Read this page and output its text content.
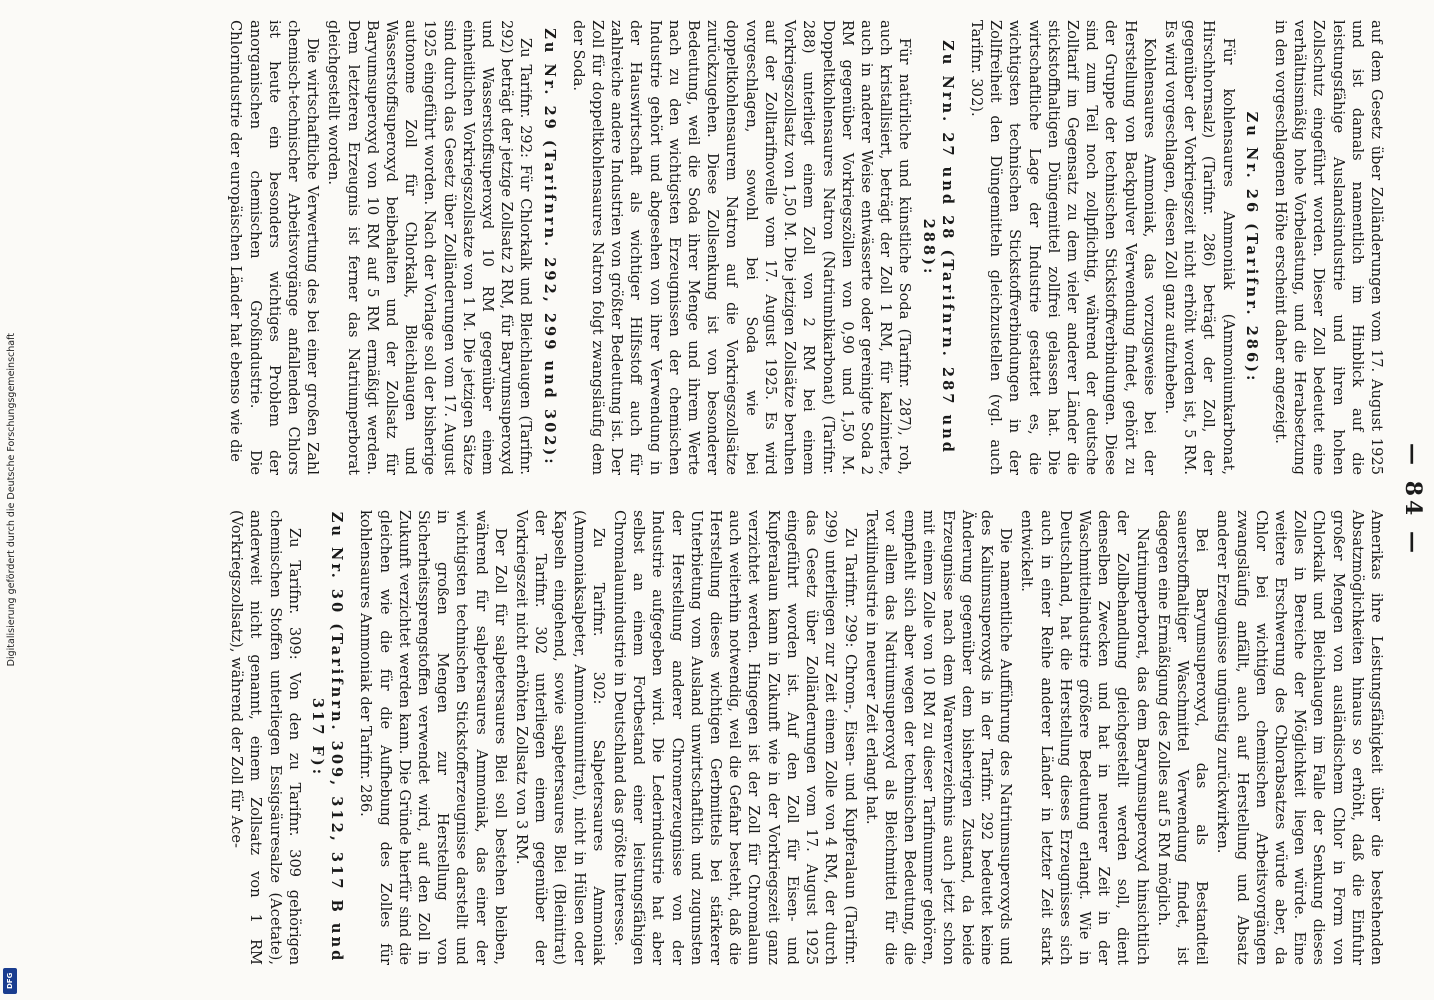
Digitalisierung gefördert durch die Deutsche Forschungsgemeinschaft
DFG
— 84 —

auf dem Gesetz über Zolländerungen vom 17. August 1925 und ist damals namentlich im Hinblick auf die leistungsfähige Auslandsindustrie und ihren hohen Zollschutz eingeführt worden. Dieser Zoll bedeutet eine verhältnismäßig hohe Vorbelastung, und die Herabsetzung in den vorgeschlagenen Höhe erscheint daher angezeigt.

Zu Nr. 26 (Tarifnr. 286):

Für kohlensaures Ammoniak (Ammoniumkarbonat, Hirschhornsalz) (Tarifnr. 286) beträgt der Zoll, der gegenüber der Vorkriegszeit nicht erhöht worden ist, 5 RM. Es wird vorgeschlagen, diesen Zoll ganz aufzuheben.

Kohlensaures Ammoniak, das vorzugsweise bei der Herstellung von Backpulver Verwendung findet, gehört zu der Gruppe der technischen Stickstoffverbindungen. Diese sind zum Teil noch zollpflichtig, während der deutsche Zolltarif im Gegensatz zu dem vieler anderer Länder die stickstoffhaltigen Düngemittel zollfrei gelassen hat. Die wirtschaftliche Lage der Industrie gestattet es, die wichtigsten technischen Stickstoffverbindungen in der Zollfreiheit den Düngemitteln gleichzustellen (vgl. auch Tarifnr. 302).

Zu Nrn. 27 und 28 (Tarifnrn. 287 und 288):

Für natürliche und künstliche Soda (Tarifnr. 287), roh, auch kristallisiert, beträgt der Zoll 1 RM, für kalzinierte, auch in anderer Weise entwässerte oder gereinigte Soda 2 RM gegenüber Vorkriegszöllen von 0,90 und 1,50 M. Doppeltkohlensaures Natron (Natriumbikarbonat) (Tarifnr. 288) unterliegt einem Zoll von 2 RM bei einem Vorkriegszollsatz von 1,50 M. Die jetzigen Zollsätze beruhen auf der Zolltarifnovelle vom 17. August 1925. Es wird vorgeschlagen, sowohl bei Soda wie bei doppeltkohlensaurem Natron auf die Vorkriegszollsätze zurückzugehen. Diese Zollsenkung ist von besonderer Bedeutung, weil die Soda ihrer Menge und ihrem Werte nach zu den wichtigsten Erzeugnissen der chemischen Industrie gehört und abgesehen von ihrer Verwendung in der Hauswirtschaft als wichtiger Hilfsstoff auch für zahlreiche andere Industrien von größter Bedeutung ist. Der Zoll für doppeltkohlensaures Natron folgt zwangsläufig dem der Soda.

Zu Nr. 29 (Tarifnrn. 292, 299 und 302):

Zu Tarifnr. 292: Für Chlorkalk und Bleichlaugen (Tarifnr. 292) beträgt der jetzige Zollsatz 2 RM, für Baryumsuperoxyd und Wasserstoffsuperoxyd 10 RM gegenüber einem einheitlichen Vorkriegszollsatze von 1 M. Die jetzigen Sätze sind durch das Gesetz über Zolländerungen vom 17. August 1925 eingeführt worden. Nach der Vorlage soll der bisherige autonome Zoll für Chlorkalk, Bleichlaugen und Wasserstoffsuperoxyd beibehalten und der Zollsatz für Baryumsuperoxyd von 10 RM auf 5 RM ermäßigt werden. Dem letzteren Erzeugnis ist ferner das Natriumperborat gleichgestellt worden.

Die wirtschaftliche Verwertung des bei einer großen Zahl chemisch-technischer Arbeitsvorgänge anfallenden Chlors ist heute ein besonders wichtiges Problem der anorganischen chemischen Großindustrie. Die Chlorindustrie der europäischen Länder hat ebenso wie die

Amerikas ihre Leistungsfähigkeit über die bestehenden Absatzmöglichkeiten hinaus so erhöht, daß die Einfuhr großer Mengen von ausländischem Chlor in Form von Chlorkalk und Bleichlaugen im Falle der Senkung dieses Zolles in Bereiche der Möglichkeit liegen würde. Eine weitere Erschwerung des Chlorabsatzes würde aber, da Chlor bei wichtigen chemischen Arbeitsvorgängen zwangsläufig anfällt, auch auf Herstellung und Absatz anderer Erzeugnisse ungünstig zurückwirken.

Bei Baryumsuperoxyd, das als Bestandteil sauerstoffhaltiger Waschmittel Verwendung findet, ist dagegen eine Ermäßigung des Zolles auf 5 RM möglich.

Natriumperborat, das dem Baryumsuperoxyd hinsichtlich der Zollbehandlung gleichgestellt werden soll, dient denselben Zwecken und hat in neuerer Zeit in der Waschmittelindustrie größere Bedeutung erlangt. Wie in Deutschland, hat die Herstellung dieses Erzeugnisses sich auch in einer Reihe anderer Länder in letzter Zeit stark entwickelt.

Die namentliche Aufführung des Natriumsuperoxyds und des Kaliumsuperoxyds in der Tarifnr. 292 bedeutet keine Änderung gegenüber dem bisherigen Zustand, da beide Erzeugnisse nach dem Warenverzeichnis auch jetzt schon mit einem Zolle von 10 RM zu dieser Tarifnummer gehören, empfiehlt sich aber wegen der technischen Bedeutung, die vor allem das Natriumsuperoxyd als Bleichmittel für die Textilindustrie in neuerer Zeit erlangt hat.

Zu Tarifnr. 299: Chrom-, Eisen- und Kupferalaun (Tarifnr. 299) unterliegen zur Zeit einem Zolle von 4 RM, der durch das Gesetz über Zolländerungen vom 17. August 1925 eingeführt worden ist. Auf den Zoll für Eisen- und Kupferalaun kann in Zukunft wie in der Vorkriegszeit ganz verzichtet werden. Hingegen ist der Zoll für Chromalaun auch weiterhin notwendig, weil die Gefahr besteht, daß die Herstellung dieses wichtigen Gerbmittels bei stärkerer Unterbietung vom Ausland unwirtschaftlich und zugunsten der Herstellung anderer Chromerzeugnisse von der Industrie aufgegeben wird. Die Lederindustrie hat aber selbst an einem Fortbestand einer leistungsfähigen Chromalaunindustrie in Deutschland das größte Interesse.

Zu Tarifnr. 302: Salpetersaures Ammoniak (Ammoniaksalpeter, Ammoniumnitrat), nicht in Hülsen oder Kapseln eingehend, sowie salpetersaures Blei (Bleinitrat) der Tarifnr. 302 unterliegen einem gegenüber der Vorkriegszeit nicht erhöhten Zollsatz von 3 RM.

Der Zoll für salpetersaures Blei soll bestehen bleiben, während für salpetersaures Ammoniak, das einer der wichtigsten technischen Stickstofferzeugnisse darstellt und in großen Mengen zur Herstellung von Sicherheitssprengstoffen verwendet wird, auf den Zoll in Zukunft verzichtet werden kann. Die Gründe hierfür sind die gleichen wie die für die Aufhebung des Zolles für kohlensaures Ammoniak der Tarifnr. 286.

Zu Nr. 30 (Tarifnrn. 309, 312, 317 B und 317 F):

Zu Tarifnr. 309: Von den zu Tarifnr. 309 gehörigen chemischen Stoffen unterliegen Essigsäuresalze (Acetate), anderweit nicht genannt, einem Zollsatz von 1 RM (Vorkriegszollsatz), während der Zoll für Ace-
